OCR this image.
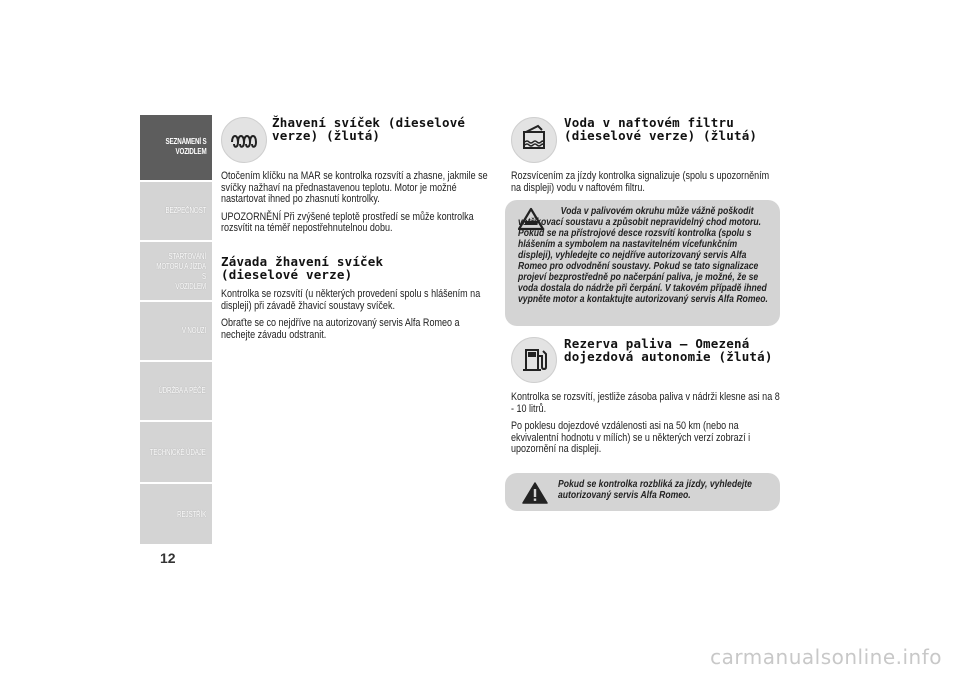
SEZNÁMENÍ S
VOZIDLEM
BEZPEČNOST
STARTOVÁNÍ
MOTORU A JÍZDA S
VOZIDLEM
V NOUZI
ÚDRŽBA A PÉČE
TECHNICKÉ ÚDAJE
REJSTŘÍK
12
Žhavení svíček (dieselové
verze) (žlutá)

Otočením klíčku na MAR se kontrolka rozsvítí a zhasne, jakmile se svíčky nažhaví na přednastavenou teplotu. Motor je možné nastartovat ihned po zhasnutí kontrolky.

UPOZORNĚNÍ Při zvýšené teplotě prostředí se může kontrolka rozsvítit na téměř nepostřehnutelnou dobu.

Závada žhavení svíček
(dieselové verze)

Kontrolka se rozsvítí (u některých provedení spolu s hlášením na displeji) při závadě žhavicí soustavy svíček.

Obraťte se co nejdříve na autorizovaný servis Alfa Romeo a nechejte závadu odstranit.

Voda v naftovém filtru
(dieselové verze) (žlutá)

Rozsvícením za jízdy kontrolka signalizuje (spolu s upozorněním na displeji) vodu v naftovém filtru.

Voda v palivovém okruhu může vážně poškodit vstřikovací soustavu a způsobit nepravidelný chod motoru. Pokud se na přístrojové desce rozsvítí kontrolka (spolu s hlášením a symbolem na nastavitelném vícefunkčním displeji), vyhledejte co nejdříve autorizovaný servis Alfa Romeo pro odvodnění soustavy. Pokud se tato signalizace projeví bezprostředně po načerpání paliva, je možné, že se voda dostala do nádrže při čerpání. V takovém případě ihned vypněte motor a kontaktujte autorizovaný servis Alfa Romeo.
Rezerva paliva – Omezená
dojezdová autonomie (žlutá)

Kontrolka se rozsvítí, jestliže zásoba paliva v nádrži klesne asi na 8 - 10 litrů.

Po poklesu dojezdové vzdálenosti asi na 50 km (nebo na ekvivalentní hodnotu v mílích) se u některých verzí zobrazí i upozornění na displeji.

Pokud se kontrolka rozbliká za jízdy, vyhledejte autorizovaný servis Alfa Romeo.
carmanualsonline.info
